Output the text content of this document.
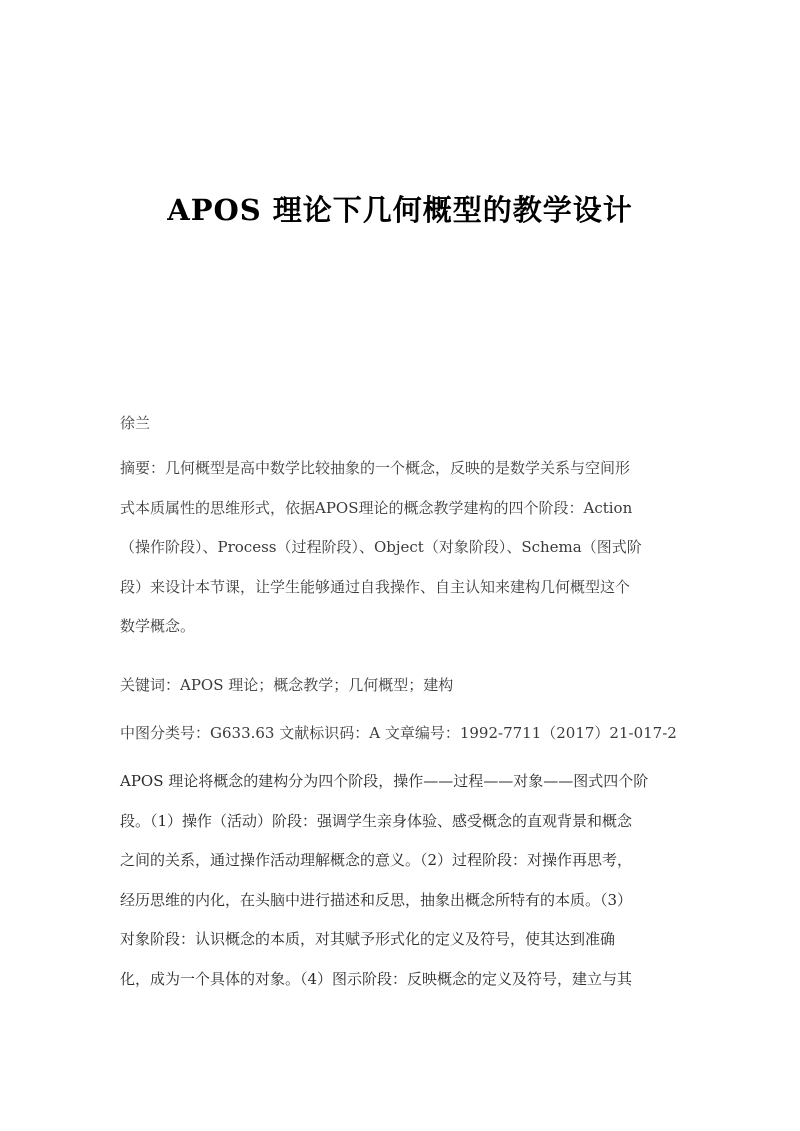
APOS 理论下几何概型的教学设计

徐兰

摘要：几何概型是高中数学比较抽象的一个概念，反映的是数学关系与空间形
式本质属性的思维形式，依据APOS理论的概念教学建构的四个阶段：Action
（操作阶段）、Process（过程阶段）、Object（对象阶段）、Schema（图式阶
段）来设计本节课，让学生能够通过自我操作、自主认知来建构几何概型这个
数学概念。

关键词：APOS 理论；概念教学；几何概型；建构

中图分类号：G633.63 文献标识码：A 文章编号：1992-7711（2017）21-017-2

APOS 理论将概念的建构分为四个阶段，操作——过程——对象——图式四个阶
段。（1）操作（活动）阶段：强调学生亲身体验、感受概念的直观背景和概念
之间的关系，通过操作活动理解概念的意义。（2）过程阶段：对操作再思考，
经历思维的内化，在头脑中进行描述和反思，抽象出概念所特有的本质。（3）
对象阶段：认识概念的本质，对其赋予形式化的定义及符号，使其达到准确
化，成为一个具体的对象。（4）图示阶段：反映概念的定义及符号，建立与其
